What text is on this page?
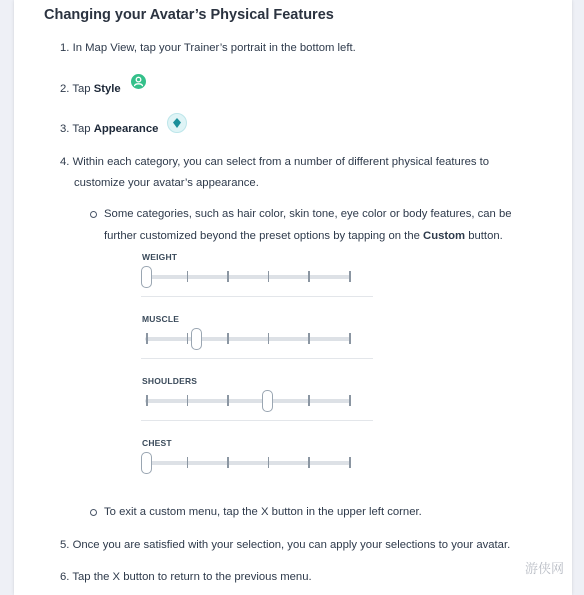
Changing your Avatar’s Physical Features
1. In Map View, tap your Trainer’s portrait in the bottom left.
2. Tap Style
3. Tap Appearance
4. Within each category, you can select from a number of different physical features to
customize your avatar’s appearance.
Some categories, such as hair color, skin tone, eye color or body features, can be
further customized beyond the preset options by tapping on the Custom button.
WEIGHT
MUSCLE
SHOULDERS
CHEST
To exit a custom menu, tap the X button in the upper left corner.
5. Once you are satisfied with your selection, you can apply your selections to your avatar.
6. Tap the X button to return to the previous menu.	游侠网
